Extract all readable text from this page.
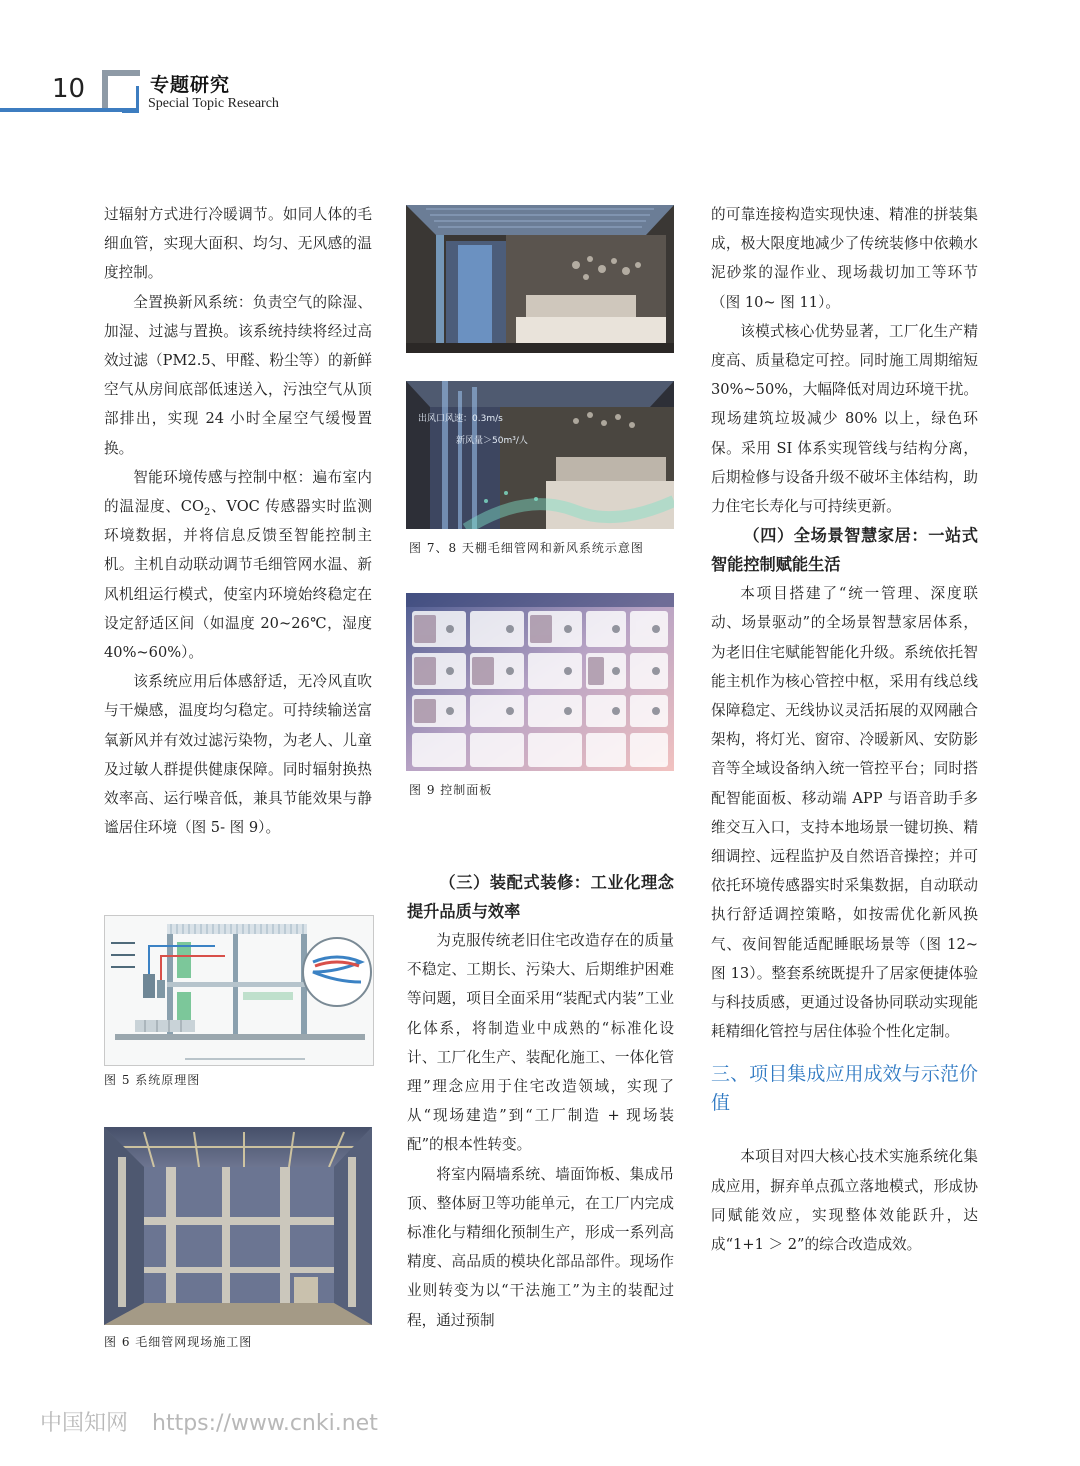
10	专题研究
Special Topic Research

过辐射方式进行冷暖调节。如同人体的毛细血管，实现大面积、均匀、无风感的温度控制。

全置换新风系统：负责空气的除湿、加湿、过滤与置换。该系统持续将经过高效过滤（PM2.5、甲醛、粉尘等）的新鲜空气从房间底部低速送入，污浊空气从顶部排出，实现 24 小时全屋空气缓慢置换。

智能环境传感与控制中枢：遍布室内的温湿度、$CO_2$、VOC 传感器实时监测环境数据，并将信息反馈至智能控制主机。主机自动联动调节毛细管网水温、新风机组运行模式，使室内环境始终稳定在设定舒适区间（如温度 20~26℃，湿度 40%~60%）。

该系统应用后体感舒适，无冷风直吹与干燥感，温度均匀稳定。可持续输送富氧新风并有效过滤污染物，为老人、儿童及过敏人群提供健康保障。同时辐射换热效率高、运行噪音低，兼具节能效果与静谧居住环境（图 5- 图 9）。

图 5 系统原理图
图 6 毛细管网现场施工图
出风口风速：0.3m/s
新风量＞50m³/人
图 7、8 天棚毛细管网和新风系统示意图
图 9 控制面板
（三）装配式装修：工业化理念提升品质与效率

为克服传统老旧住宅改造存在的质量不稳定、工期长、污染大、后期维护困难等问题，项目全面采用“装配式内装”工业化体系，将制造业中成熟的“标准化设计、工厂化生产、装配化施工、一体化管理”理念应用于住宅改造领域，实现了从“现场建造”到“工厂制造 + 现场装配”的根本性转变。

将室内隔墙系统、墙面饰板、集成吊顶、整体厨卫等功能单元，在工厂内完成标准化与精细化预制生产，形成一系列高精度、高品质的模块化部品部件。现场作业则转变为以“干法施工”为主的装配过程，通过预制

的可靠连接构造实现快速、精准的拼装集成，极大限度地减少了传统装修中依赖水泥砂浆的湿作业、现场裁切加工等环节（图 10~ 图 11）。

该模式核心优势显著，工厂化生产精度高、质量稳定可控。同时施工周期缩短 30%~50%，大幅降低对周边环境干扰。现场建筑垃圾减少 80% 以上，绿色环保。采用 SI 体系实现管线与结构分离，后期检修与设备升级不破坏主体结构，助力住宅长寿化与可持续更新。

（四）全场景智慧家居：一站式智能控制赋能生活

本项目搭建了“统一管理、深度联动、场景驱动”的全场景智慧家居体系，为老旧住宅赋能智能化升级。系统依托智能主机作为核心管控中枢，采用有线总线保障稳定、无线协议灵活拓展的双网融合架构，将灯光、窗帘、冷暖新风、安防影音等全域设备纳入统一管控平台；同时搭配智能面板、移动端 APP 与语音助手多维交互入口，支持本地场景一键切换、精细调控、远程监护及自然语音操控；并可依托环境传感器实时采集数据，自动联动执行舒适调控策略，如按需优化新风换气、夜间智能适配睡眠场景等（图 12~ 图 13）。整套系统既提升了居家便捷体验与科技质感，更通过设备协同联动实现能耗精细化管控与居住体验个性化定制。

三、项目集成应用成效与示范价值

本项目对四大核心技术实施系统化集成应用，摒弃单点孤立落地模式，形成协同赋能效应，实现整体效能跃升，达成“1+1 ＞ 2”的综合改造成效。

中国知网 https://www.cnki.net
